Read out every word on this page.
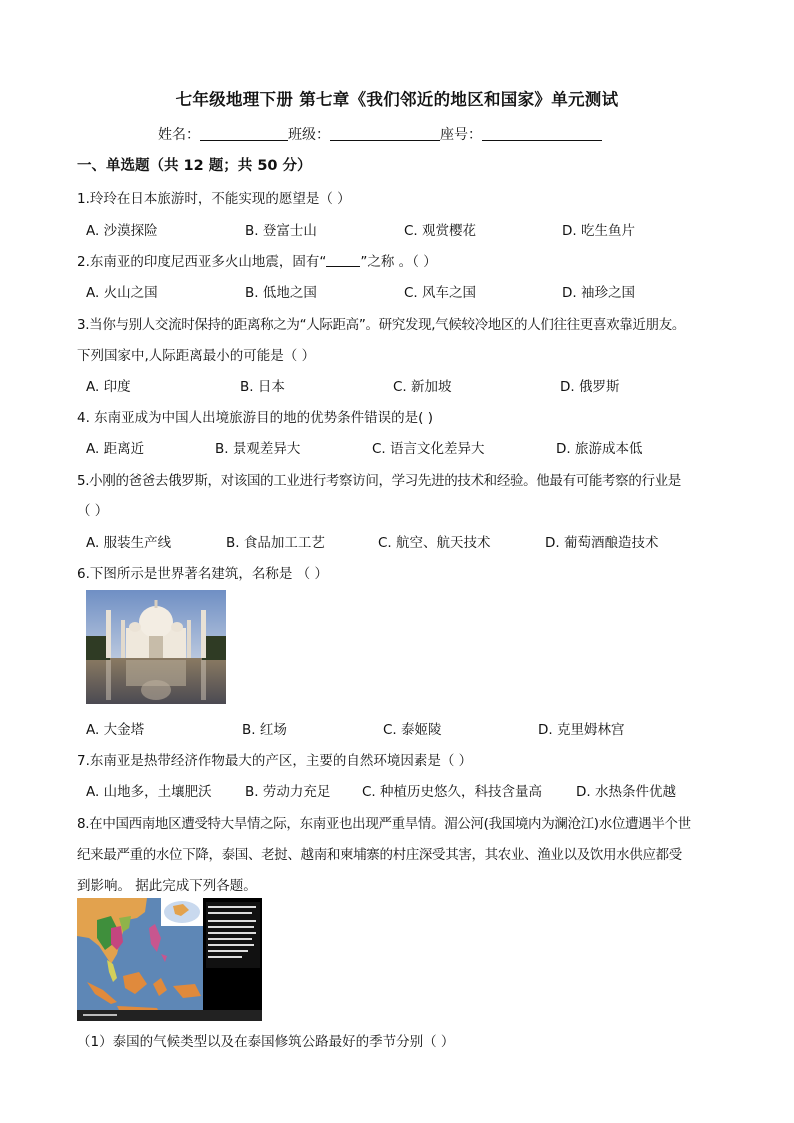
七年级地理下册 第七章《我们邻近的地区和国家》单元测试
姓名：	班级：	座号：
一、单选题（共 12 题；共 50 分）
1.玲玲在日本旅游时，不能实现的愿望是（ ）
A. 沙漠探险	B. 登富士山	C. 观赏樱花	D. 吃生鱼片
2.东南亚的印度尼西亚多火山地震，固有“	”之称 。（ ）
A. 火山之国	B. 低地之国	C. 风车之国	D. 袖珍之国
3.当你与别人交流时保持的距离称之为“人际距高”。研究发现,气候较冷地区的人们往往更喜欢靠近朋友。
下列国家中,人际距离最小的可能是（ ）
A. 印度	B. 日本	C. 新加坡	D. 俄罗斯
4. 东南亚成为中国人出境旅游目的地的优势条件错误的是( )
A. 距离近	B. 景观差异大	C. 语言文化差异大	D. 旅游成本低
5.小刚的爸爸去俄罗斯，对该国的工业进行考察访问，学习先进的技术和经验。他最有可能考察的行业是
（ ）
A. 服装生产线	B. 食品加工工艺	C. 航空、航天技术	D. 葡萄酒酿造技术
6.下图所示是世界著名建筑，名称是 （ ）
A. 大金塔	B. 红场	C. 泰姬陵	D. 克里姆林宫
7.东南亚是热带经济作物最大的产区，主要的自然环境因素是（ ）
A. 山地多，土壤肥沃 B. 劳动力充足 C. 种植历史悠久，科技含量高	D. 水热条件优越
8.在中国西南地区遭受特大旱情之际，东南亚也出现严重旱情。湄公河(我国境内为澜沧江)水位遭遇半个世
纪来最严重的水位下降，泰国、老挝、越南和柬埔寨的村庄深受其害，其农业、渔业以及饮用水供应都受
到影响。 据此完成下列各题。
（1）泰国的气候类型以及在泰国修筑公路最好的季节分别（ ）
